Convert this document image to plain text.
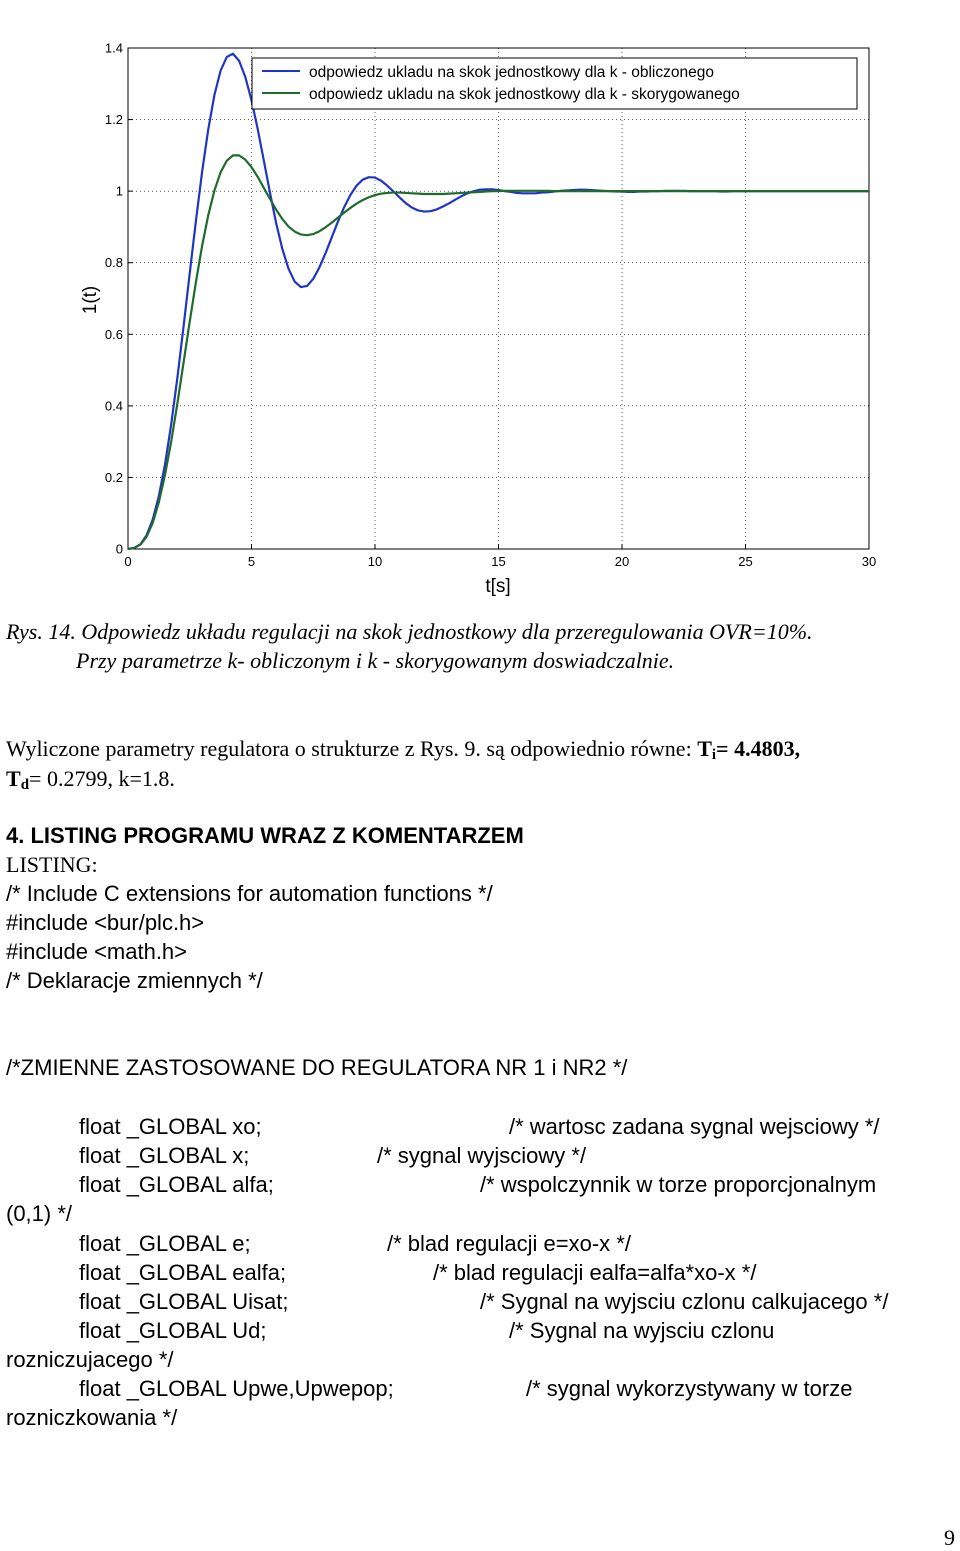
0	5	10	15	20	25	30
0
0.2
0.4
0.6
0.8
1
1.2
1.4
t[s]
1(t)
odpowiedz ukladu na skok jednostkowy dla k - obliczonego
odpowiedz ukladu na skok jednostkowy dla k - skorygowanego
Rys. 14. Odpowiedz układu regulacji na skok jednostkowy dla przeregulowania OVR=10%.
Przy parametrze k- obliczonym i k - skorygowanym doswiadczalnie.
Wyliczone parametry regulatora o strukturze z Rys. 9. są odpowiednio równe: $T_i= 4.4803$,
$T_d= 0.2799$, k=1.8.
4. LISTING PROGRAMU WRAZ Z KOMENTARZEM
LISTING:
/* Include C extensions for automation functions */
#include <bur/plc.h>
#include <math.h>
/* Deklaracje zmiennych */
/*ZMIENNE ZASTOSOWANE DO REGULATORA NR 1 i NR2 */
float _GLOBAL xo;	/* wartosc zadana sygnal wejsciowy */
float _GLOBAL x;	/* sygnal wyjsciowy */
float _GLOBAL alfa;	/* wspolczynnik w torze proporcjonalnym
(0,1) */
float _GLOBAL e;	/* blad regulacji e=xo-x */
float _GLOBAL ealfa;	/* blad regulacji ealfa=alfa*xo-x */
float _GLOBAL Uisat;	/* Sygnal na wyjsciu czlonu calkujacego */
float _GLOBAL Ud;	/* Sygnal na wyjsciu czlonu
rozniczujacego */
float _GLOBAL Upwe,Upwepop;	/* sygnal wykorzystywany w torze
rozniczkowania */
9
